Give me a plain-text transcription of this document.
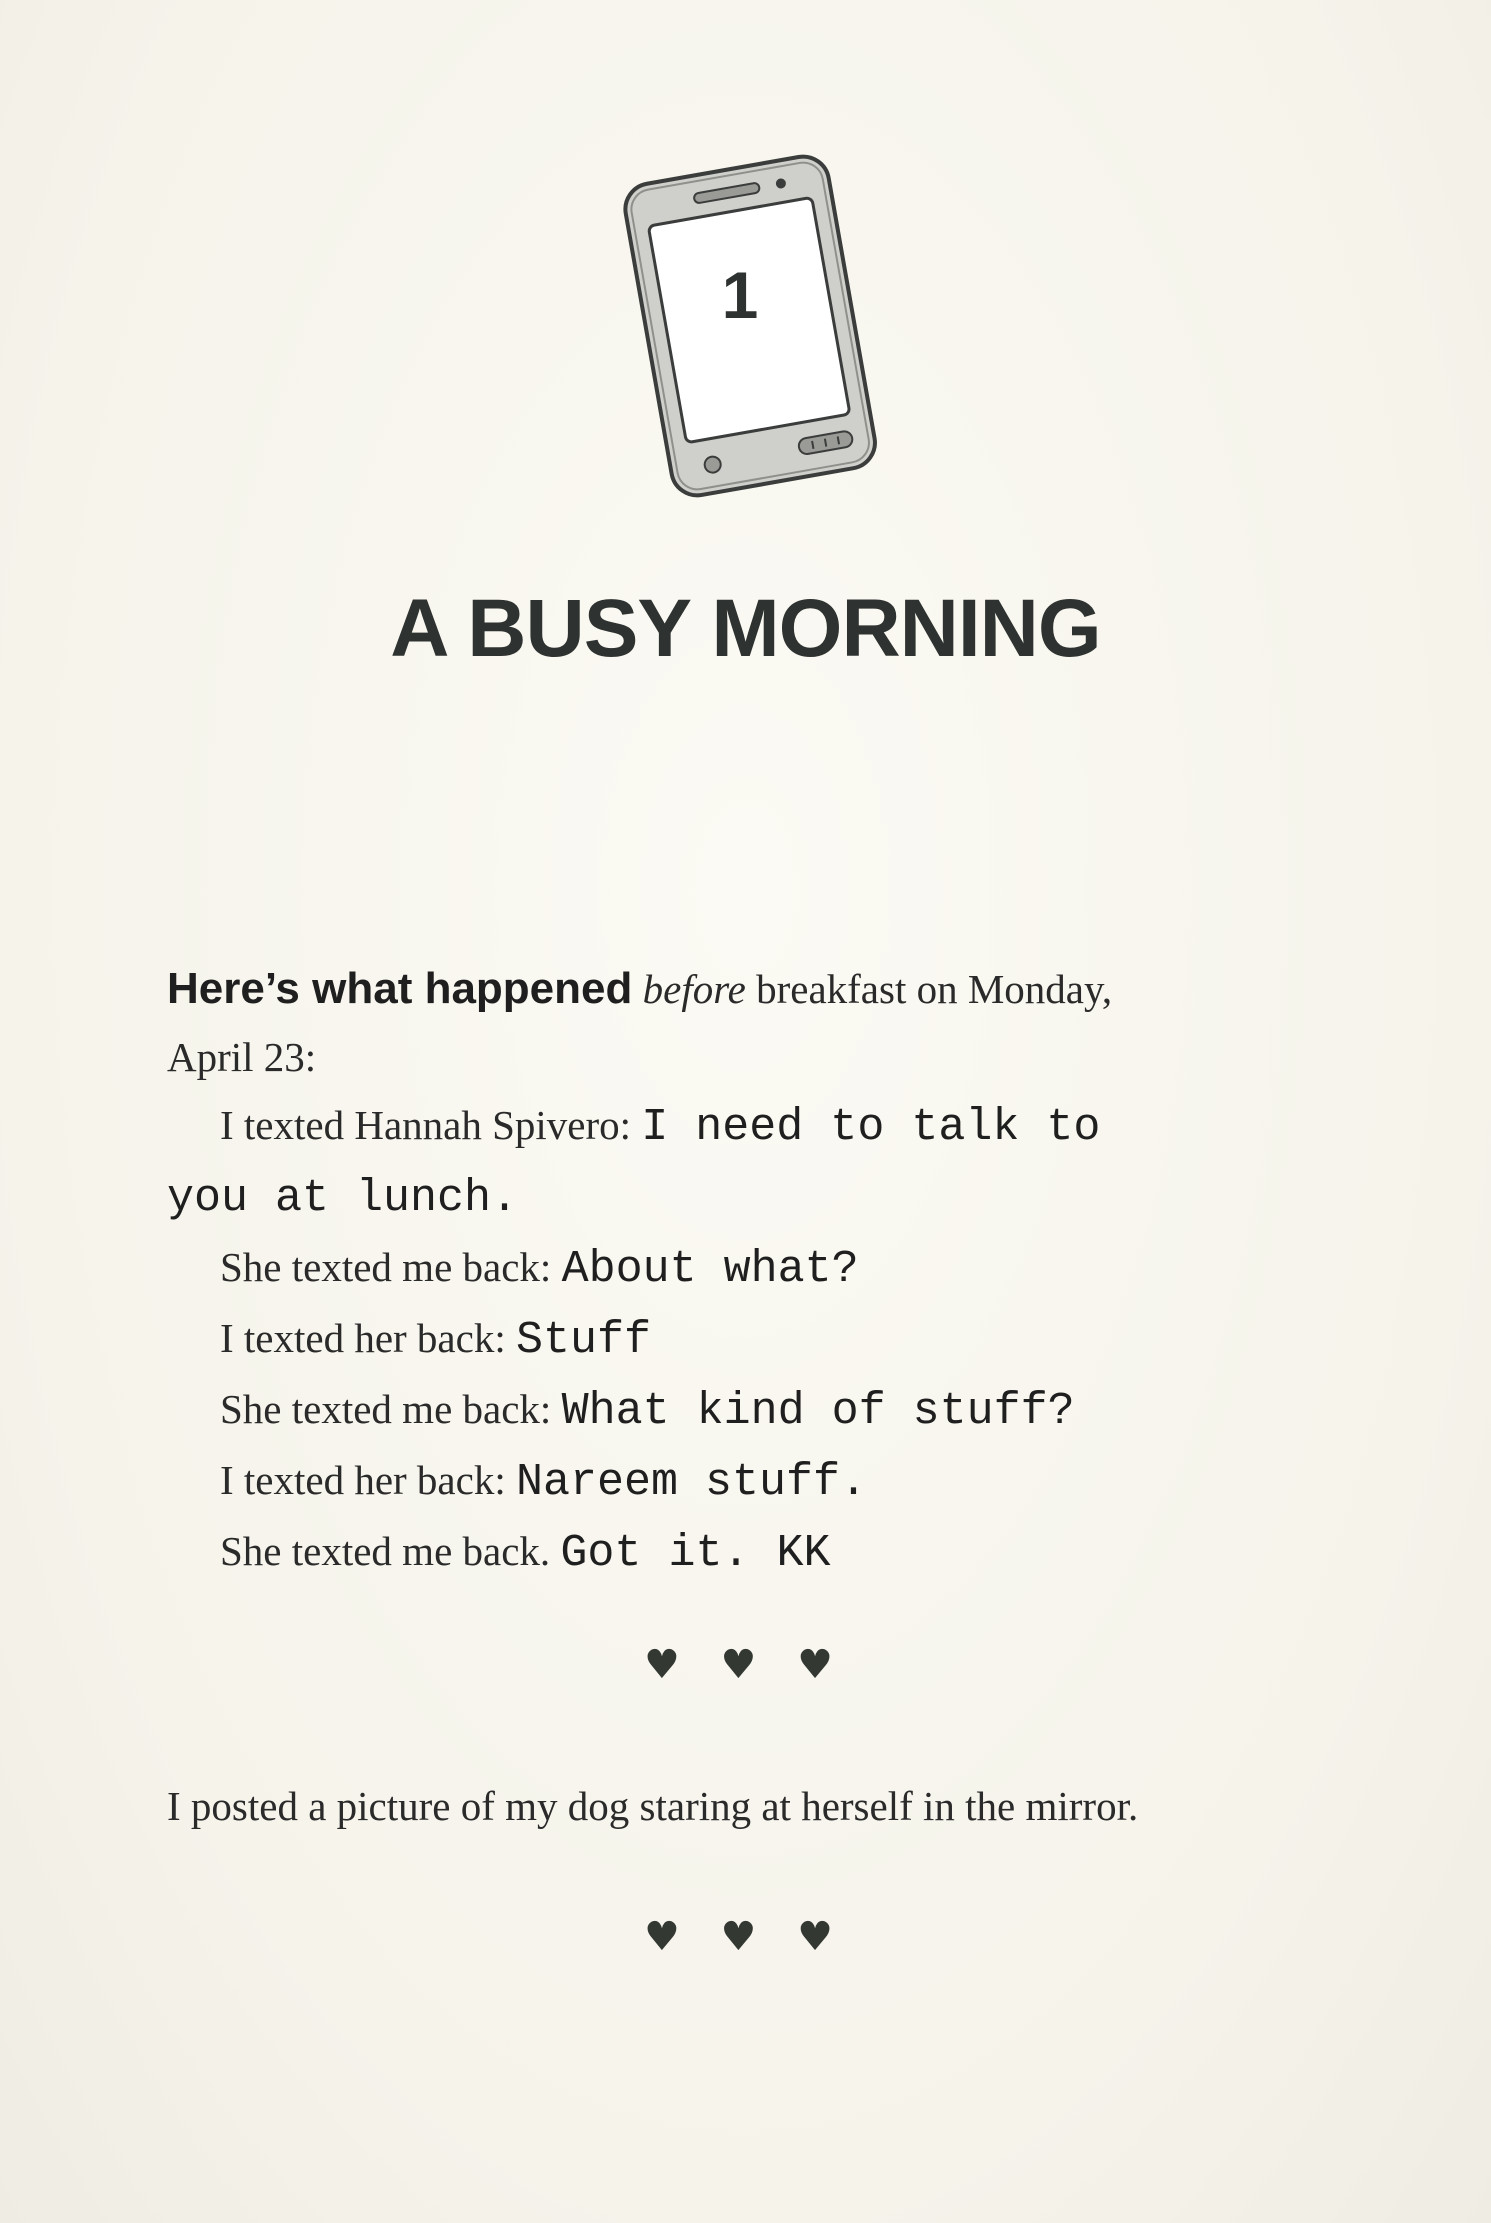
1
A BUSY MORNING
Here’s what happened before breakfast on Monday,
April 23:
I texted Hannah Spivero: I need to talk to
you at lunch.
She texted me back: About what?
I texted her back: Stuff
She texted me back: What kind of stuff?
I texted her back: Nareem stuff.
She texted me back. Got it. KK
♥ ♥ ♥
I posted a picture of my dog staring at herself in the mirror.
♥ ♥ ♥
